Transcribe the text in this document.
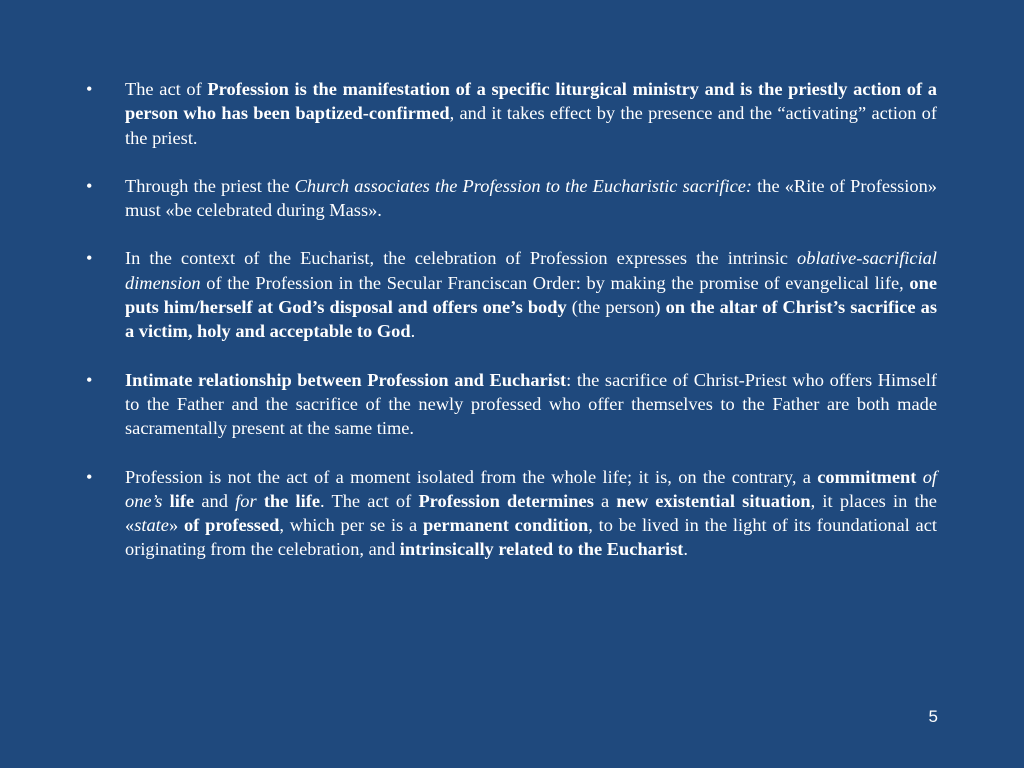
•	The act of Profession is the manifestation of a specific liturgical ministry and is the priestly action of a person who has been baptized-confirmed, and it takes effect by the presence and the “activating” action of the priest.
•	Through the priest the Church associates the Profession to the Eucharistic sacrifice: the «Rite of Profession» must «be celebrated during Mass».
•	In the context of the Eucharist, the celebration of Profession expresses the intrinsic oblative-sacrificial dimension of the Profession in the Secular Franciscan Order: by making the promise of evangelical life, one puts him/herself at God’s disposal and offers one’s body (the person) on the altar of Christ’s sacrifice as a victim, holy and acceptable to God.
•	Intimate relationship between Profession and Eucharist: the sacrifice of Christ-Priest who offers Himself to the Father and the sacrifice of the newly professed who offer themselves to the Father are both made sacramentally present at the same time.
•	Profession is not the act of a moment isolated from the whole life; it is, on the contrary, a commitment of one’s life and for the life. The act of Profession determines a new existential situation, it places in the «state» of professed, which per se is a permanent condition, to be lived in the light of its foundational act originating from the celebration, and intrinsically related to the Eucharist.
5
